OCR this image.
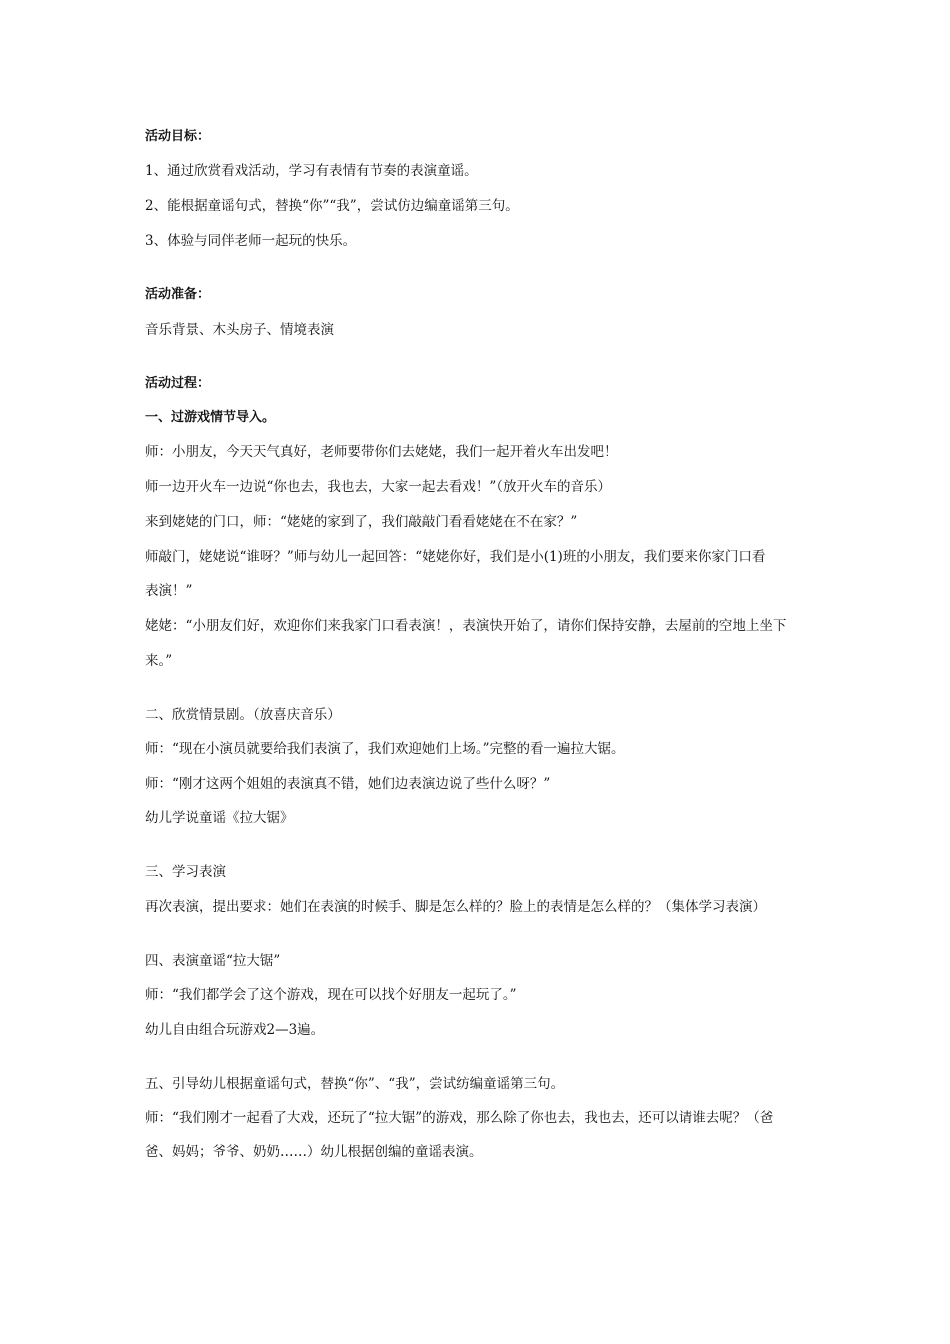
活动目标：
1、通过欣赏看戏活动，学习有表情有节奏的表演童谣。
2、能根据童谣句式，替换“你”“我”，尝试仿边编童谣第三句。
3、体验与同伴老师一起玩的快乐。
活动准备：
音乐背景、木头房子、情境表演
活动过程：
一、过游戏情节导入。
师：小朋友，今天天气真好，老师要带你们去姥姥，我们一起开着火车出发吧！
师一边开火车一边说“你也去，我也去，大家一起去看戏！”（放开火车的音乐）
来到姥姥的门口，师：“姥姥的家到了，我们敲敲门看看姥姥在不在家？”
师敲门，姥姥说“谁呀？”师与幼儿一起回答：“姥姥你好，我们是小(1)班的小朋友，我们要来你家门口看
表演！”
姥姥：“小朋友们好，欢迎你们来我家门口看表演！，表演快开始了，请你们保持安静，去屋前的空地上坐下
来。”
二、欣赏情景剧。（放喜庆音乐）
师：“现在小演员就要给我们表演了，我们欢迎她们上场。”完整的看一遍拉大锯。
师：“刚才这两个姐姐的表演真不错，她们边表演边说了些什么呀？”
幼儿学说童谣《拉大锯》
三、学习表演
再次表演，提出要求：她们在表演的时候手、脚是怎么样的？脸上的表情是怎么样的？（集体学习表演）
四、表演童谣“拉大锯”
师：“我们都学会了这个游戏，现在可以找个好朋友一起玩了。”
幼儿自由组合玩游戏2—3遍。
五、引导幼儿根据童谣句式，替换“你”、“我”，尝试纺编童谣第三句。
师：“我们刚才一起看了大戏，还玩了“拉大锯”的游戏，那么除了你也去，我也去，还可以请谁去呢？（爸
爸、妈妈；爷爷、奶奶……）幼儿根据创编的童谣表演。
